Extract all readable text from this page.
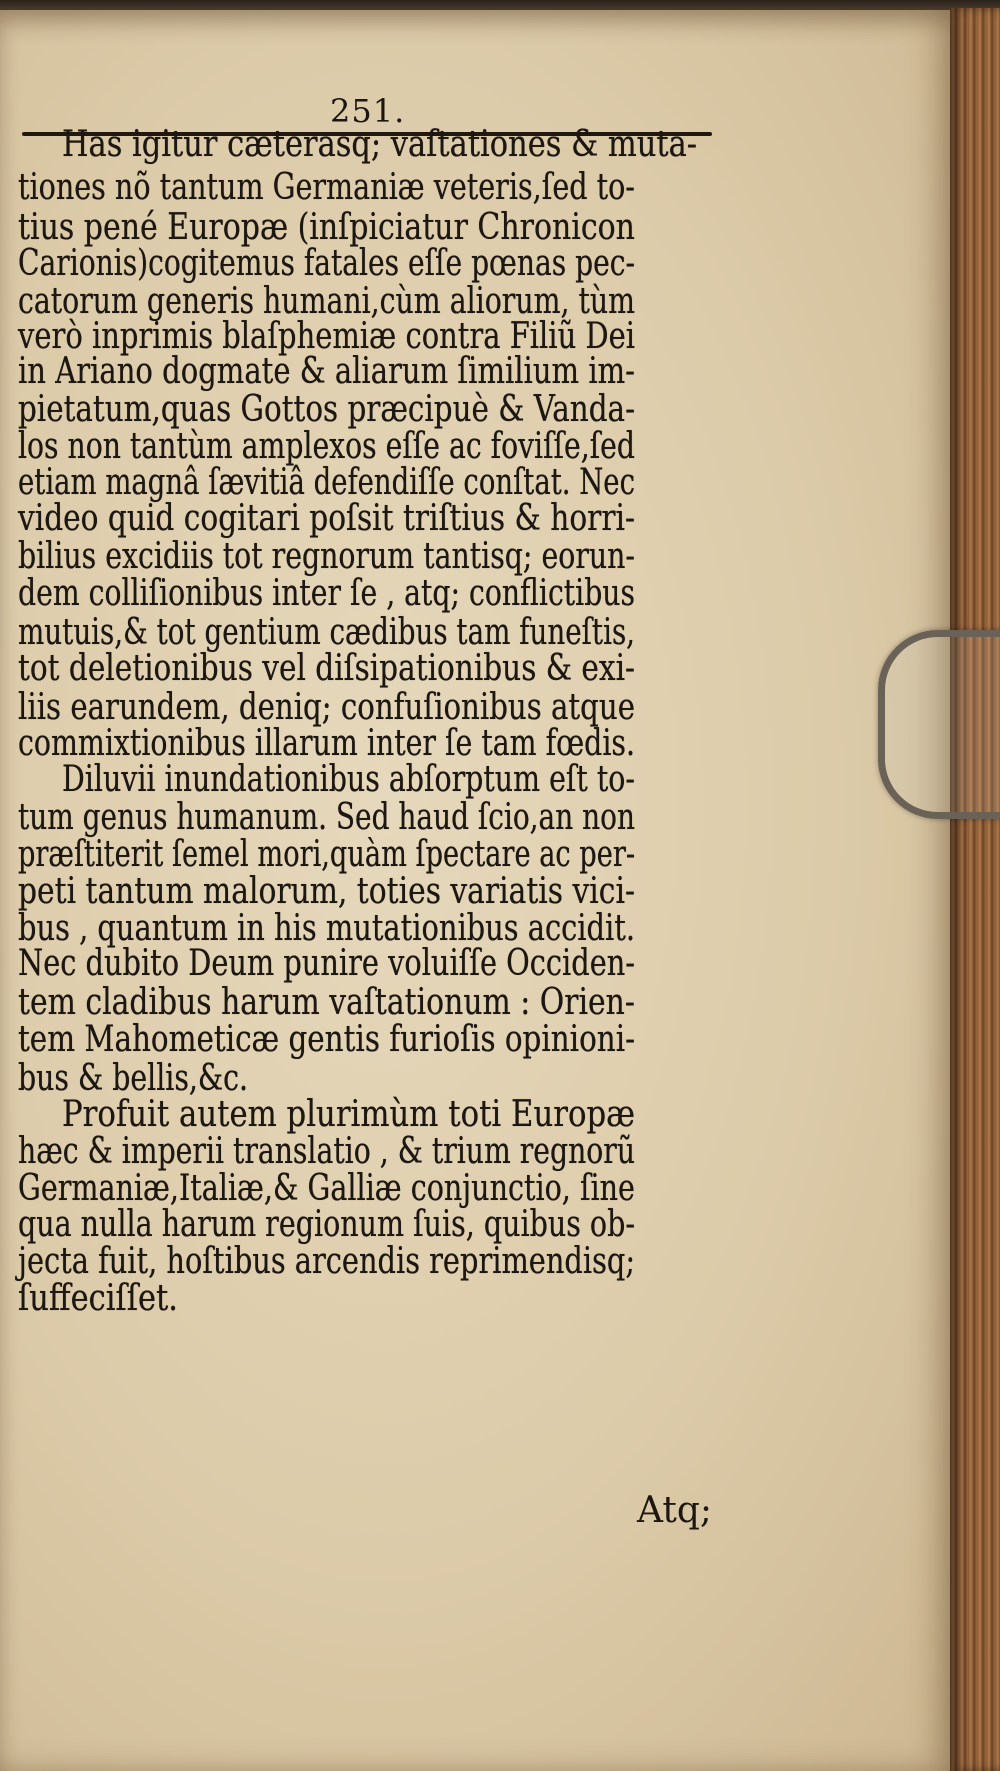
251.
Has igitur cæterasq; vaſtationes & muta-
tiones nõ tantum Germaniæ veteris,ſed to-
tius pené Europæ (inſpiciatur Chronicon
Carionis)cogitemus fatales eſſe pœnas pec-
catorum generis humani,cùm aliorum, tùm
verò inprimis blaſphemiæ contra Filiũ Dei
in Ariano dogmate & aliarum ſimilium im-
pietatum,quas Gottos præcipuè & Vanda-
los non tantùm amplexos eſſe ac foviſſe,ſed
etiam magnâ ſævitiâ defendiſſe conſtat. Nec
video quid cogitari poſsit triſtius & horri-
bilius excidiis tot regnorum tantisq; eorun-
dem colliſionibus inter ſe , atq; conflictibus
mutuis,& tot gentium cædibus tam funeſtis,
tot deletionibus vel diſsipationibus & exi-
liis earundem, deniq; confuſionibus atque
commixtionibus illarum inter ſe tam fœdis.
Diluvii inundationibus abſorptum eſt to-
tum genus humanum. Sed haud ſcio,an non
præſtiterit ſemel mori,quàm ſpectare ac per-
peti tantum malorum, toties variatis vici-
bus , quantum in his mutationibus accidit.
Nec dubito Deum punire voluiſſe Occiden-
tem cladibus harum vaſtationum : Orien-
tem Mahometicæ gentis furioſis opinioni-
bus & bellis,&c.
Profuit autem plurimùm toti Europæ
hæc & imperii translatio , & trium regnorũ
Germaniæ,Italiæ,& Galliæ conjunctio, ſine
qua nulla harum regionum ſuis, quibus ob-
jecta fuit, hoſtibus arcendis reprimendisq;
ſuffeciſſet.
Atq;
